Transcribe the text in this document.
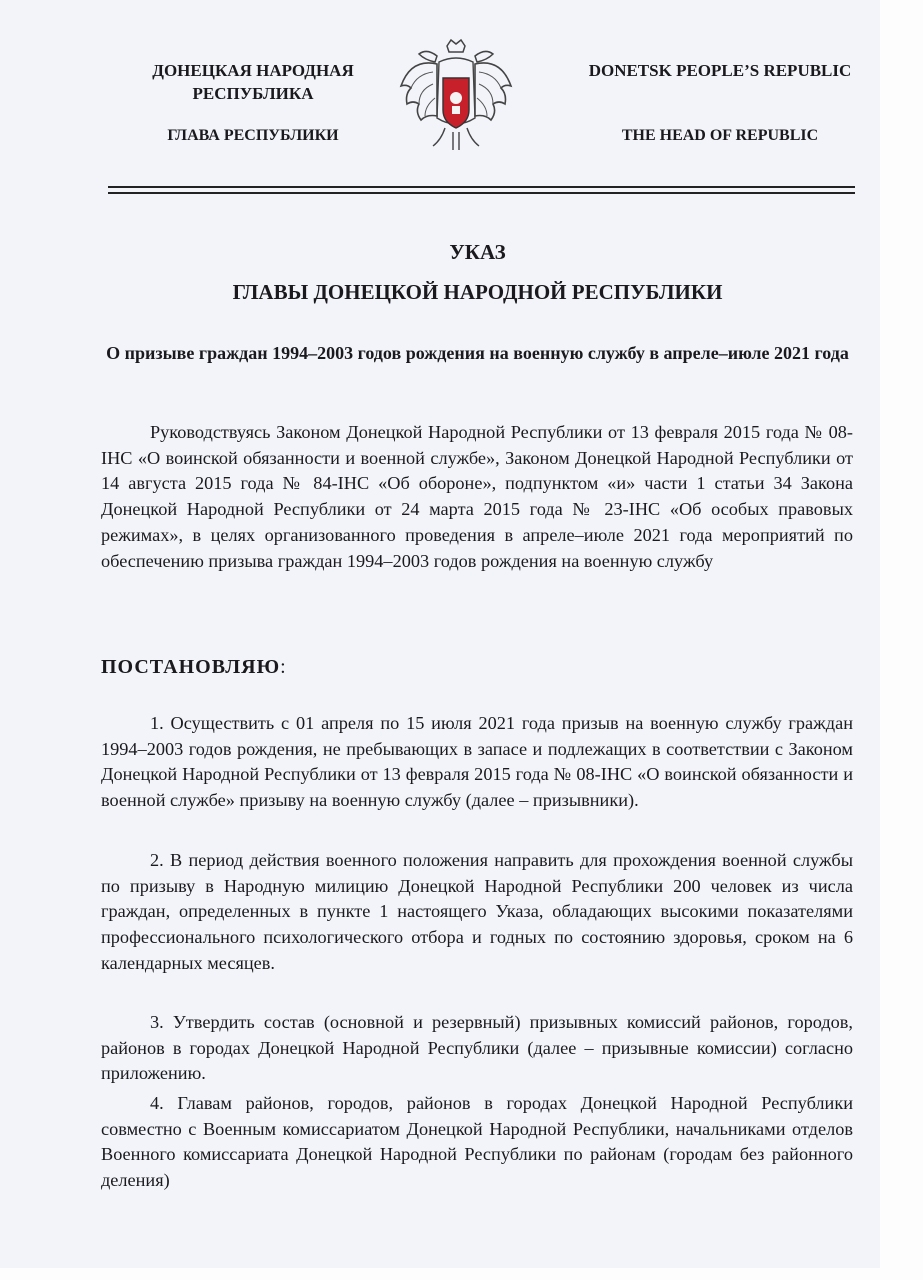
ДОНЕЦКАЯ НАРОДНАЯ РЕСПУБЛИКА
ГЛАВА РЕСПУБЛИКИ
DONETSK PEOPLE’S REPUBLIC
THE HEAD OF REPUBLIC
УКАЗ
ГЛАВЫ ДОНЕЦКОЙ НАРОДНОЙ РЕСПУБЛИКИ
О призыве граждан 1994–2003 годов рождения на военную службу в апреле–июле 2021 года
Руководствуясь Законом Донецкой Народной Республики от 13 февраля 2015 года № 08-IНС «О воинской обязанности и военной службе», Законом Донецкой Народной Республики от 14 августа 2015 года № 84-IНС «Об обороне», подпунктом «и» части 1 статьи 34 Закона Донецкой Народной Республики от 24 марта 2015 года № 23-IНС «Об особых правовых режимах», в целях организованного проведения в апреле–июле 2021 года мероприятий по обеспечению призыва граждан 1994–2003 годов рождения на военную службу
ПОСТАНОВЛЯЮ:
1. Осуществить с 01 апреля по 15 июля 2021 года призыв на военную службу граждан 1994–2003 годов рождения, не пребывающих в запасе и подлежащих в соответствии с Законом Донецкой Народной Республики от 13 февраля 2015 года № 08-IНС «О воинской обязанности и военной службе» призыву на военную службу (далее – призывники).
2. В период действия военного положения направить для прохождения военной службы по призыву в Народную милицию Донецкой Народной Республики 200 человек из числа граждан, определенных в пункте 1 настоящего Указа, обладающих высокими показателями профессионального психологического отбора и годных по состоянию здоровья, сроком на 6 календарных месяцев.
3. Утвердить состав (основной и резервный) призывных комиссий районов, городов, районов в городах Донецкой Народной Республики (далее – призывные комиссии) согласно приложению.
4. Главам районов, городов, районов в городах Донецкой Народной Республики совместно с Военным комиссариатом Донецкой Народной Республики, начальниками отделов Военного комиссариата Донецкой Народной Республики по районам (городам без районного деления)
